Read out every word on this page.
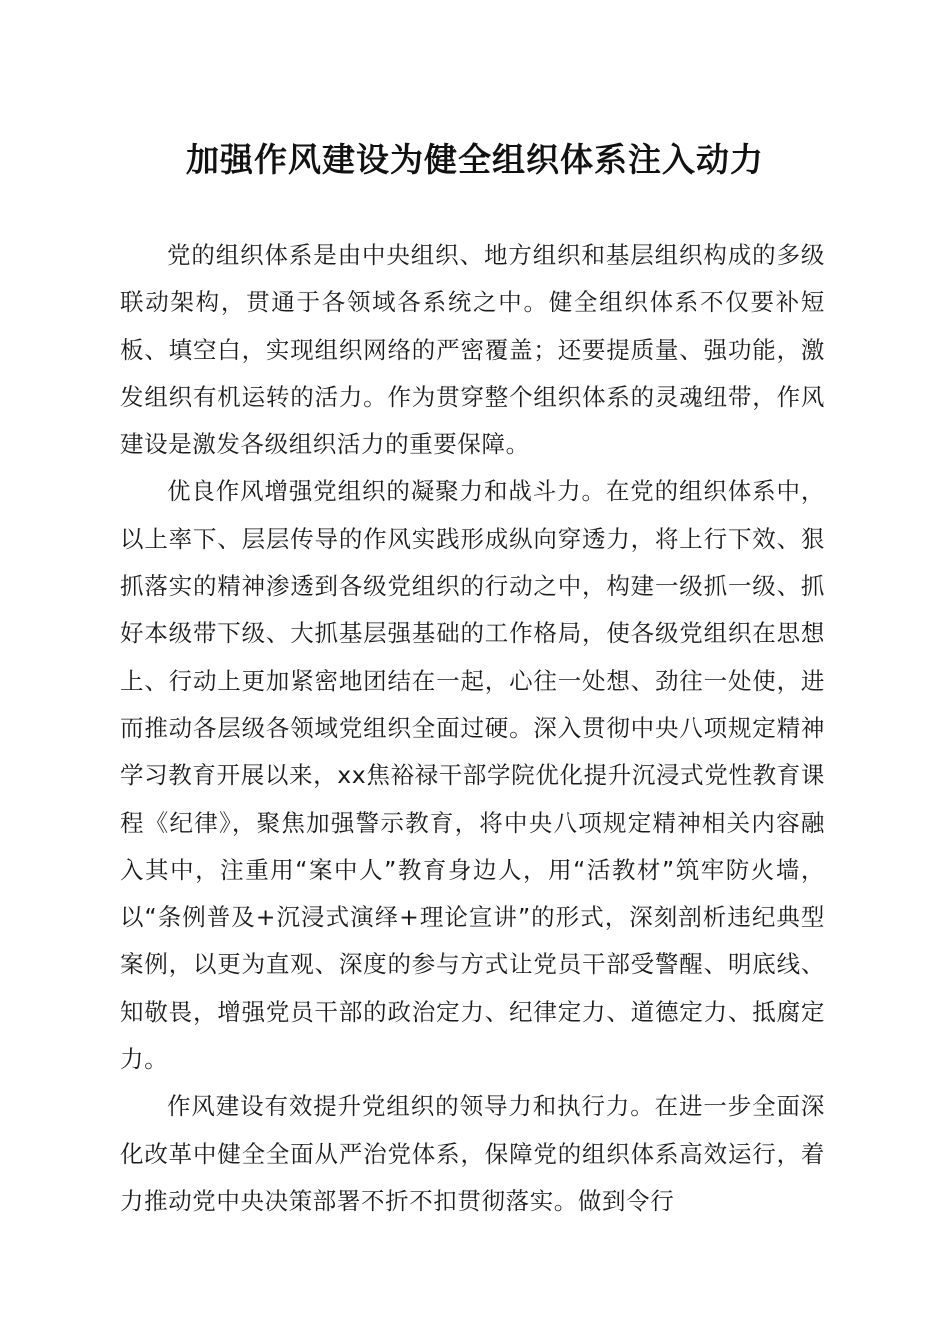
加强作风建设为健全组织体系注入动力

党的组织体系是由中央组织、地方组织和基层组织构成的多级联动架构，贯通于各领域各系统之中。健全组织体系不仅要补短板、填空白，实现组织网络的严密覆盖；还要提质量、强功能，激发组织有机运转的活力。作为贯穿整个组织体系的灵魂纽带，作风建设是激发各级组织活力的重要保障。

优良作风增强党组织的凝聚力和战斗力。在党的组织体系中，以上率下、层层传导的作风实践形成纵向穿透力，将上行下效、狠抓落实的精神渗透到各级党组织的行动之中，构建一级抓一级、抓好本级带下级、大抓基层强基础的工作格局，使各级党组织在思想上、行动上更加紧密地团结在一起，心往一处想、劲往一处使，进而推动各层级各领域党组织全面过硬。深入贯彻中央八项规定精神学习教育开展以来，xx焦裕禄干部学院优化提升沉浸式党性教育课程《纪律》，聚焦加强警示教育，将中央八项规定精神相关内容融入其中，注重用“案中人”教育身边人，用“活教材”筑牢防火墙，以“条例普及+沉浸式演绎+理论宣讲”的形式，深刻剖析违纪典型案例，以更为直观、深度的参与方式让党员干部受警醒、明底线、知敬畏，增强党员干部的政治定力、纪律定力、道德定力、抵腐定力。

作风建设有效提升党组织的领导力和执行力。在进一步全面深化改革中健全全面从严治党体系，保障党的组织体系高效运行，着力推动党中央决策部署不折不扣贯彻落实。做到令行
